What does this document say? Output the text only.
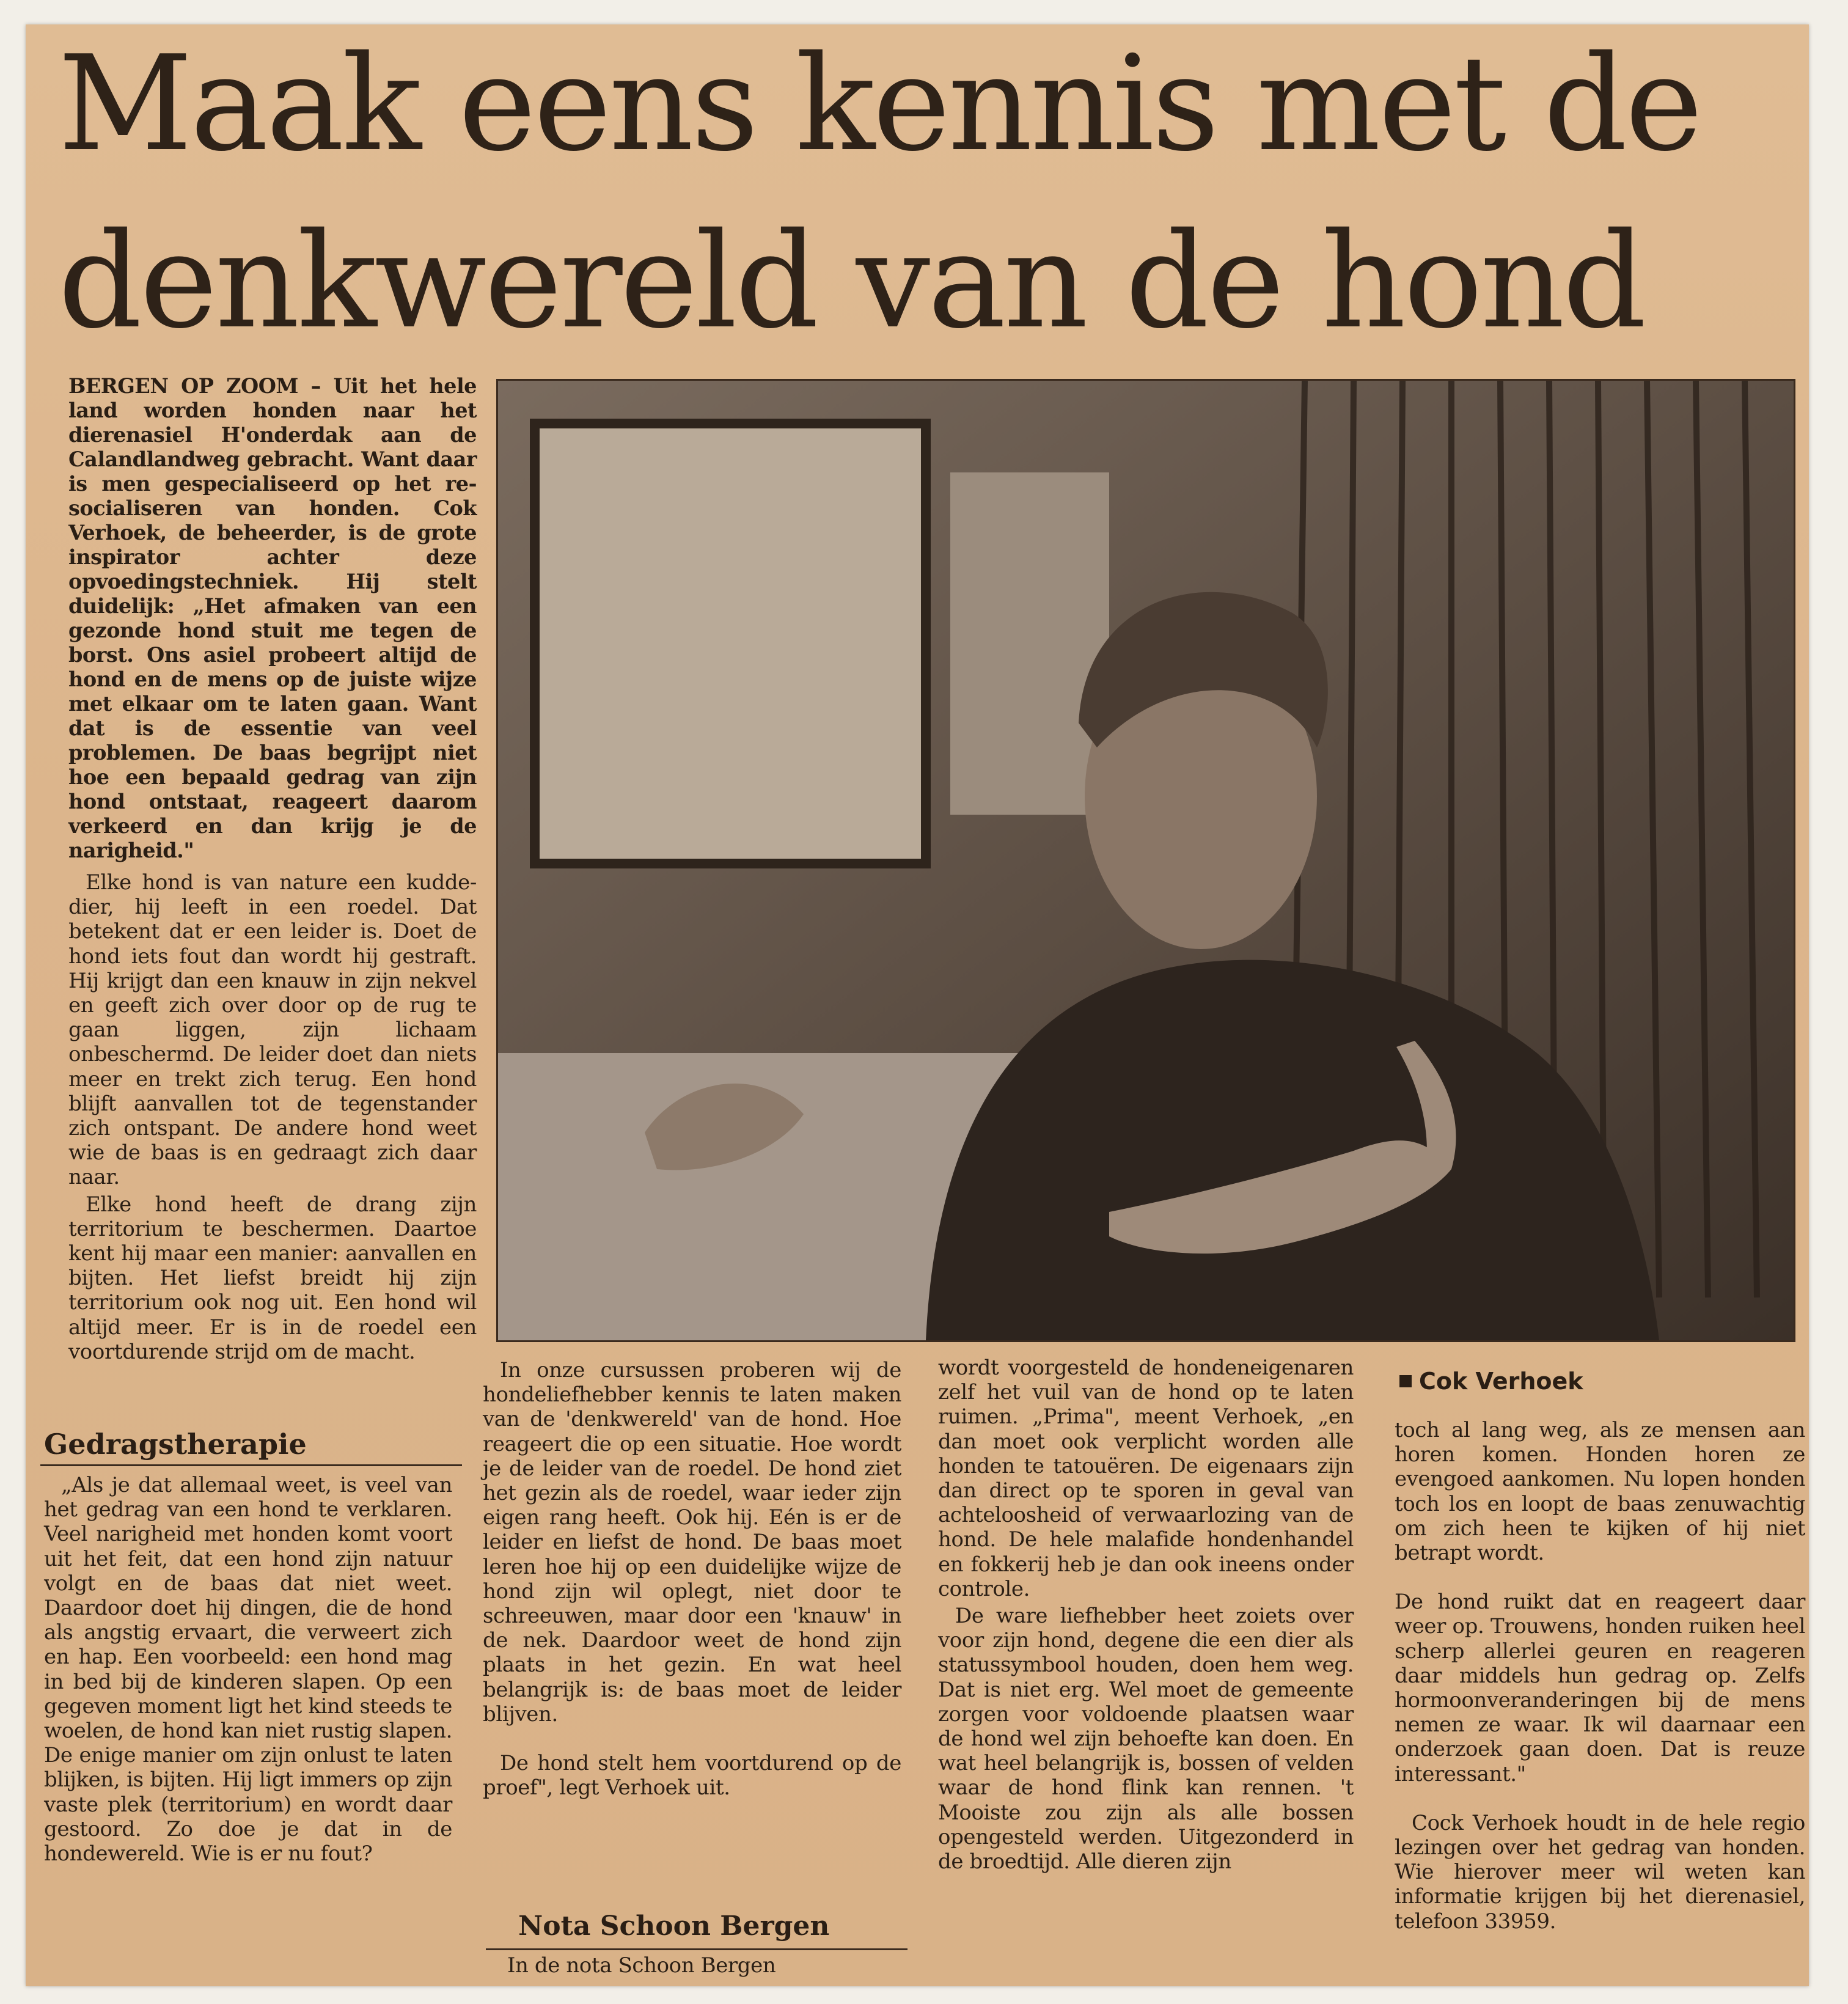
Maak eens kennis met de
denkwereld van de hond

BERGEN OP ZOOM – Uit het hele land worden honden naar het dierenasiel H'onderdak aan de Calandlandweg gebracht. Want daar is men gespecialiseerd op het re-socialiseren van honden. Cok Verhoek, de beheerder, is de grote inspirator achter deze opvoedingstechniek. Hij stelt duidelijk: „Het afmaken van een gezonde hond stuit me tegen de borst. Ons asiel probeert altijd de hond en de mens op de juiste wijze met elkaar om te laten gaan. Want dat is de essentie van veel problemen. De baas begrijpt niet hoe een bepaald gedrag van zijn hond ontstaat, reageert daarom verkeerd en dan krijg je de narigheid."

Elke hond is van nature een kudde-dier, hij leeft in een roedel. Dat betekent dat er een leider is. Doet de hond iets fout dan wordt hij gestraft. Hij krijgt dan een knauw in zijn nekvel en geeft zich over door op de rug te gaan liggen, zijn lichaam onbeschermd. De leider doet dan niets meer en trekt zich terug. Een hond blijft aanvallen tot de tegenstander zich ontspant. De andere hond weet wie de baas is en gedraagt zich daar naar.

Elke hond heeft de drang zijn territorium te beschermen. Daartoe kent hij maar een manier: aanvallen en bijten. Het liefst breidt hij zijn territorium ook nog uit. Een hond wil altijd meer. Er is in de roedel een voortdurende strijd om de macht.

Gedragstherapie

„Als je dat allemaal weet, is veel van het gedrag van een hond te verklaren. Veel narigheid met honden komt voort uit het feit, dat een hond zijn natuur volgt en de baas dat niet weet. Daardoor doet hij dingen, die de hond als angstig ervaart, die verweert zich en hap. Een voorbeeld: een hond mag in bed bij de kinderen slapen. Op een gegeven moment ligt het kind steeds te woelen, de hond kan niet rustig slapen. De enige manier om zijn onlust te laten blijken, is bijten. Hij ligt immers op zijn vaste plek (territorium) en wordt daar gestoord. Zo doe je dat in de hondewereld. Wie is er nu fout?

In onze cursussen proberen wij de hondeliefhebber kennis te laten maken van de 'denkwereld' van de hond. Hoe reageert die op een situatie. Hoe wordt je de leider van de roedel. De hond ziet het gezin als de roedel, waar ieder zijn eigen rang heeft. Ook hij. Eén is er de leider en liefst de hond. De baas moet leren hoe hij op een duidelijke wijze de hond zijn wil oplegt, niet door te schreeuwen, maar door een 'knauw' in de nek. Daardoor weet de hond zijn plaats in het gezin. En wat heel belangrijk is: de baas moet de leider blijven.

De hond stelt hem voortdurend op de proef", legt Verhoek uit.

Nota Schoon Bergen

In de nota Schoon Bergen

wordt voorgesteld de hondeneigenaren zelf het vuil van de hond op te laten ruimen. „Prima", meent Verhoek, „en dan moet ook verplicht worden alle honden te tatouëren. De eigenaars zijn dan direct op te sporen in geval van achteloosheid of verwaarlozing van de hond. De hele malafide hondenhandel en fokkerij heb je dan ook ineens onder controle.

De ware liefhebber heet zoiets over voor zijn hond, degene die een dier als statussymbool houden, doen hem weg. Dat is niet erg. Wel moet de gemeente zorgen voor voldoende plaatsen waar de hond wel zijn behoefte kan doen. En wat heel belangrijk is, bossen of velden waar de hond flink kan rennen. 't Mooiste zou zijn als alle bossen opengesteld werden. Uitgezonderd in de broedtijd. Alle dieren zijn

Cok Verhoek

toch al lang weg, als ze mensen aan horen komen. Honden horen ze evengoed aankomen. Nu lopen honden toch los en loopt de baas zenuwachtig om zich heen te kijken of hij niet betrapt wordt.

De hond ruikt dat en reageert daar weer op. Trouwens, honden ruiken heel scherp allerlei geuren en reageren daar middels hun gedrag op. Zelfs hormoonveranderingen bij de mens nemen ze waar. Ik wil daarnaar een onderzoek gaan doen. Dat is reuze interessant."

Cock Verhoek houdt in de hele regio lezingen over het gedrag van honden. Wie hierover meer wil weten kan informatie krijgen bij het dierenasiel, telefoon 33959.
